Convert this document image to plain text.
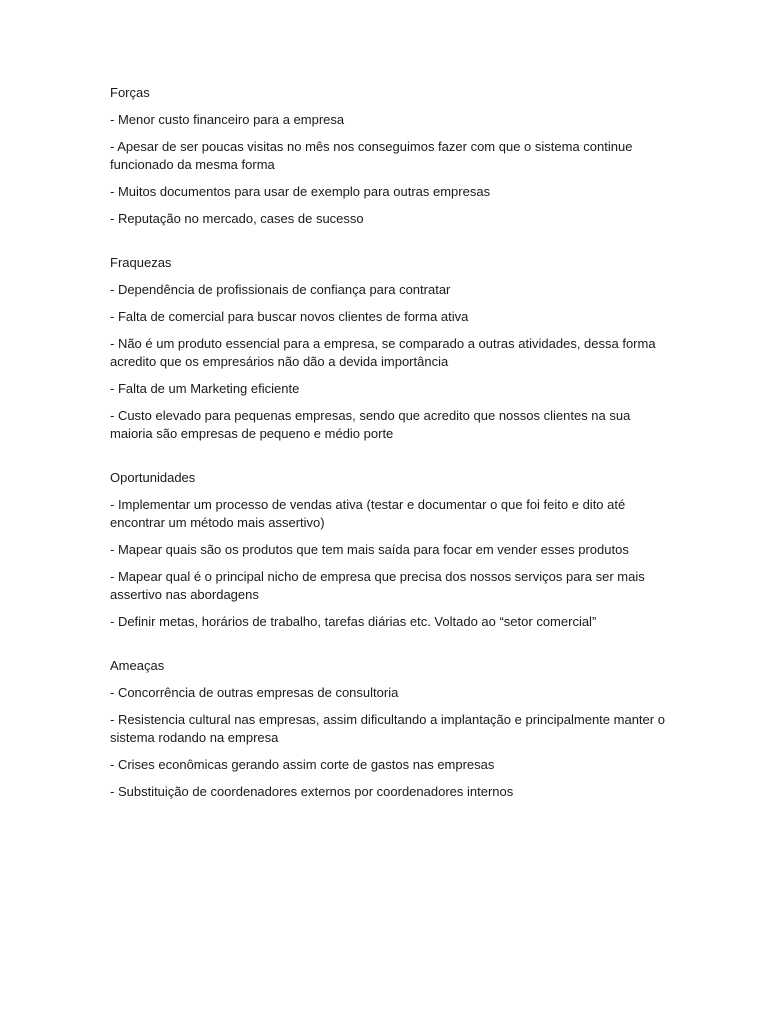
Forças

- Menor custo financeiro para a empresa

- Apesar de ser poucas visitas no mês nos conseguimos fazer com que o sistema continue funcionado da mesma forma

- Muitos documentos para usar de exemplo para outras empresas

- Reputação no mercado, cases de sucesso

Fraquezas

- Dependência de profissionais de confiança para contratar

- Falta de comercial para buscar novos clientes de forma ativa

- Não é um produto essencial para a empresa, se comparado a outras atividades, dessa forma acredito que os empresários não dão a devida importância

- Falta de um Marketing eficiente

- Custo elevado para pequenas empresas, sendo que acredito que nossos clientes na sua maioria são empresas de pequeno e médio porte

Oportunidades

- Implementar um processo de vendas ativa (testar e documentar o que foi feito e dito até encontrar um método mais assertivo)

- Mapear quais são os produtos que tem mais saída para focar em vender esses produtos

- Mapear qual é o principal nicho de empresa que precisa dos nossos serviços para ser mais assertivo nas abordagens

- Definir metas, horários de trabalho, tarefas diárias etc. Voltado ao “setor comercial”

Ameaças

- Concorrência de outras empresas de consultoria

- Resistencia cultural nas empresas, assim dificultando a implantação e principalmente manter o sistema rodando na empresa

- Crises econômicas gerando assim corte de gastos nas empresas

- Substituição de coordenadores externos por coordenadores internos
